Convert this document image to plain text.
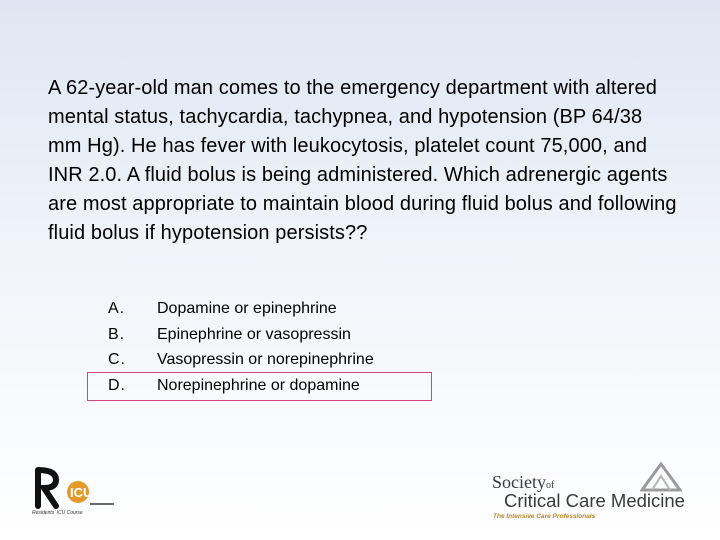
A 62-year-old man comes to the emergency department with altered mental status, tachycardia, tachypnea, and hypotension (BP 64/38 mm Hg). He has fever with leukocytosis, platelet count 75,000, and INR 2.0. A fluid bolus is being administered. Which adrenergic agents are most appropriate to maintain blood during fluid bolus and following fluid bolus if hypotension persists??
A.	Dopamine or epinephrine
B.	Epinephrine or vasopressin
C.	Vasopressin or norepinephrine
D.	Norepinephrine or dopamine
ICU
Residents' ICU Course
Societyof
Critical Care Medicine
The Intensive Care Professionals
